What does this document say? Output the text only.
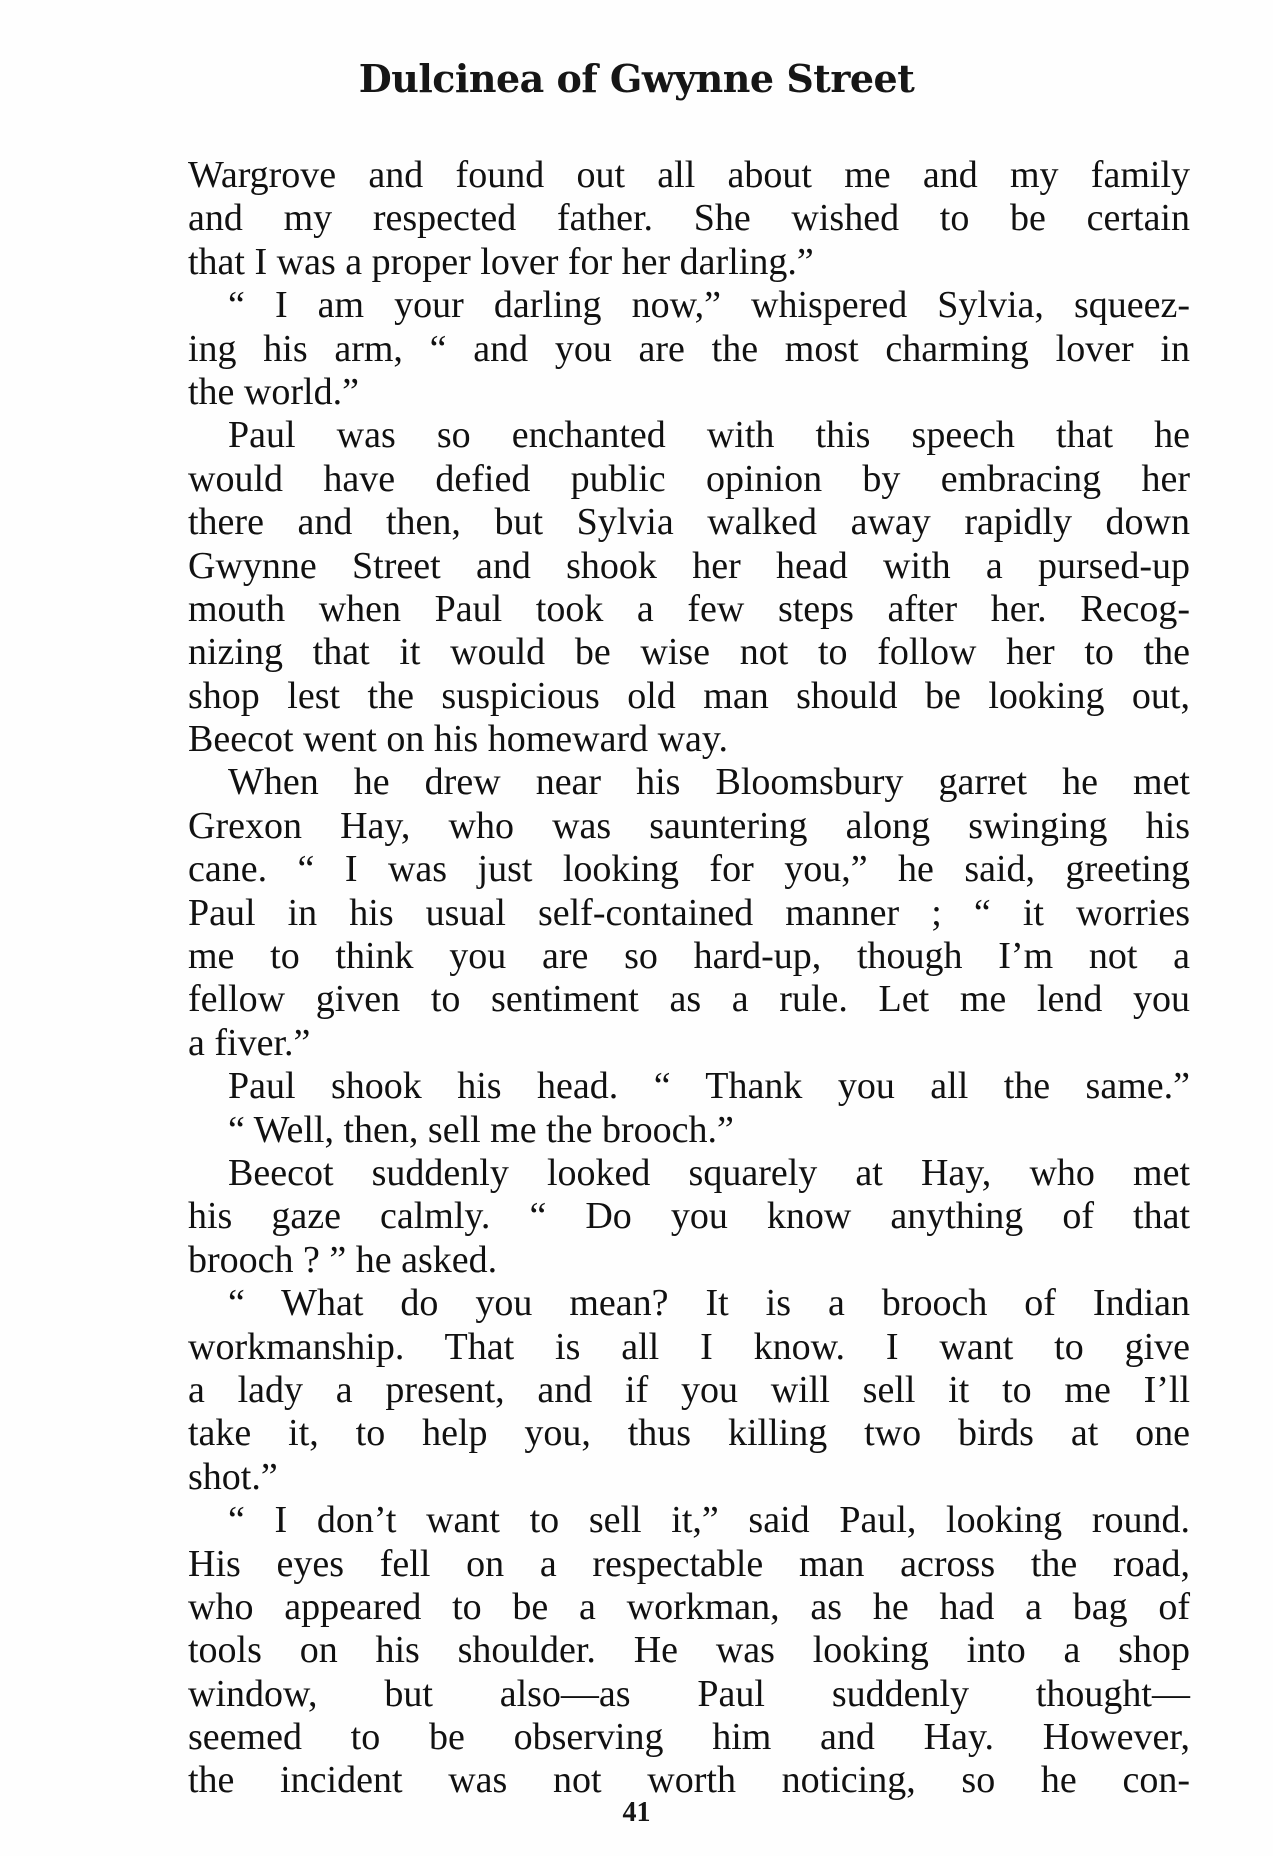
Dulcinea of Gwynne Street
Wargrove and found out all about me and my family
and my respected father. She wished to be certain
that I was a proper lover for her darling.”
“ I am your darling now,” whispered Sylvia, squeez-
ing his arm, “ and you are the most charming lover in
the world.”
Paul was so enchanted with this speech that he
would have defied public opinion by embracing her
there and then, but Sylvia walked away rapidly down
Gwynne Street and shook her head with a pursed-up
mouth when Paul took a few steps after her. Recog-
nizing that it would be wise not to follow her to the
shop lest the suspicious old man should be looking out,
Beecot went on his homeward way.
When he drew near his Bloomsbury garret he met
Grexon Hay, who was sauntering along swinging his
cane. “ I was just looking for you,” he said, greeting
Paul in his usual self-contained manner ; “ it worries
me to think you are so hard-up, though I’m not a
fellow given to sentiment as a rule. Let me lend you
a fiver.”
Paul shook his head. “ Thank you all the same.”
“ Well, then, sell me the brooch.”
Beecot suddenly looked squarely at Hay, who met
his gaze calmly. “ Do you know anything of that
brooch ? ” he asked.
“ What do you mean? It is a brooch of Indian
workmanship. That is all I know. I want to give
a lady a present, and if you will sell it to me I’ll
take it, to help you, thus killing two birds at one
shot.”
“ I don’t want to sell it,” said Paul, looking round.
His eyes fell on a respectable man across the road,
who appeared to be a workman, as he had a bag of
tools on his shoulder. He was looking into a shop
window, but also—as Paul suddenly thought—
seemed to be observing him and Hay. However,
the incident was not worth noticing, so he con-
41
